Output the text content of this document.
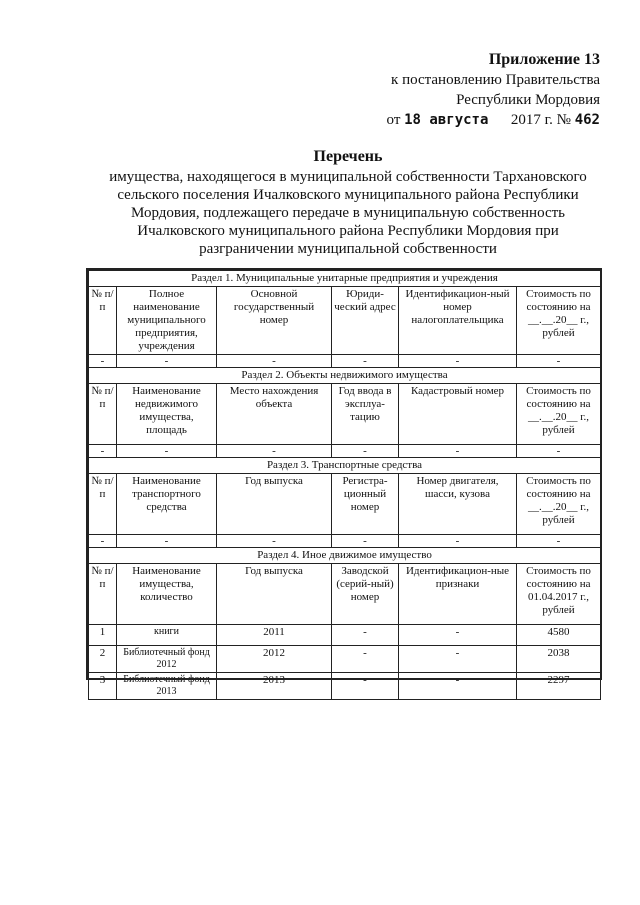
Приложение 13
к постановлению Правительства
Республики Мордовия
от 18 августа 2017 г. № 462
Перечень
имущества, находящегося в муниципальной собственности Тархановского сельского поселения Ичалковского муниципального района Республики Мордовия, подлежащего передаче в муниципальную собственность Ичалковского муниципального района Республики Мордовия при разграничении муниципальной собственности
Раздел 1. Муниципальные унитарные предприятия и учреждения					
№ п/п	Полное наименование муниципального предприятия, учреждения	Основной государственный номер	Юриди-ческий адрес	Идентификацион-ный номер налогоплательщика	Стоимость по состоянию на __.__.20__ г., рублей
-	-	-	-	-	-
Раздел 2. Объекты недвижимого имущества					
№ п/п	Наименование недвижимого имущества, площадь	Место нахождения объекта	Год ввода в эксплуа-тацию	Кадастровый номер	Стоимость по состоянию на __.__.20__ г., рублей
-	-	-	-	-	-
Раздел 3. Транспортные средства					
№ п/п	Наименование транспортного средства	Год выпуска	Регистра-ционный номер	Номер двигателя, шасси, кузова	Стоимость по состоянию на __.__.20__ г., рублей
-	-	-	-	-	-
Раздел 4. Иное движимое имущество					
№ п/п	Наименование имущества, количество	Год выпуска	Заводской (серий-ный) номер	Идентификацион-ные признаки	Стоимость по состоянию на 01.04.2017 г., рублей
1	книги	2011	-	-	4580
2	Библиотечный фонд 2012	2012	-	-	2038
3	Библиотечный фонд 2013	2013	-	-	2297
